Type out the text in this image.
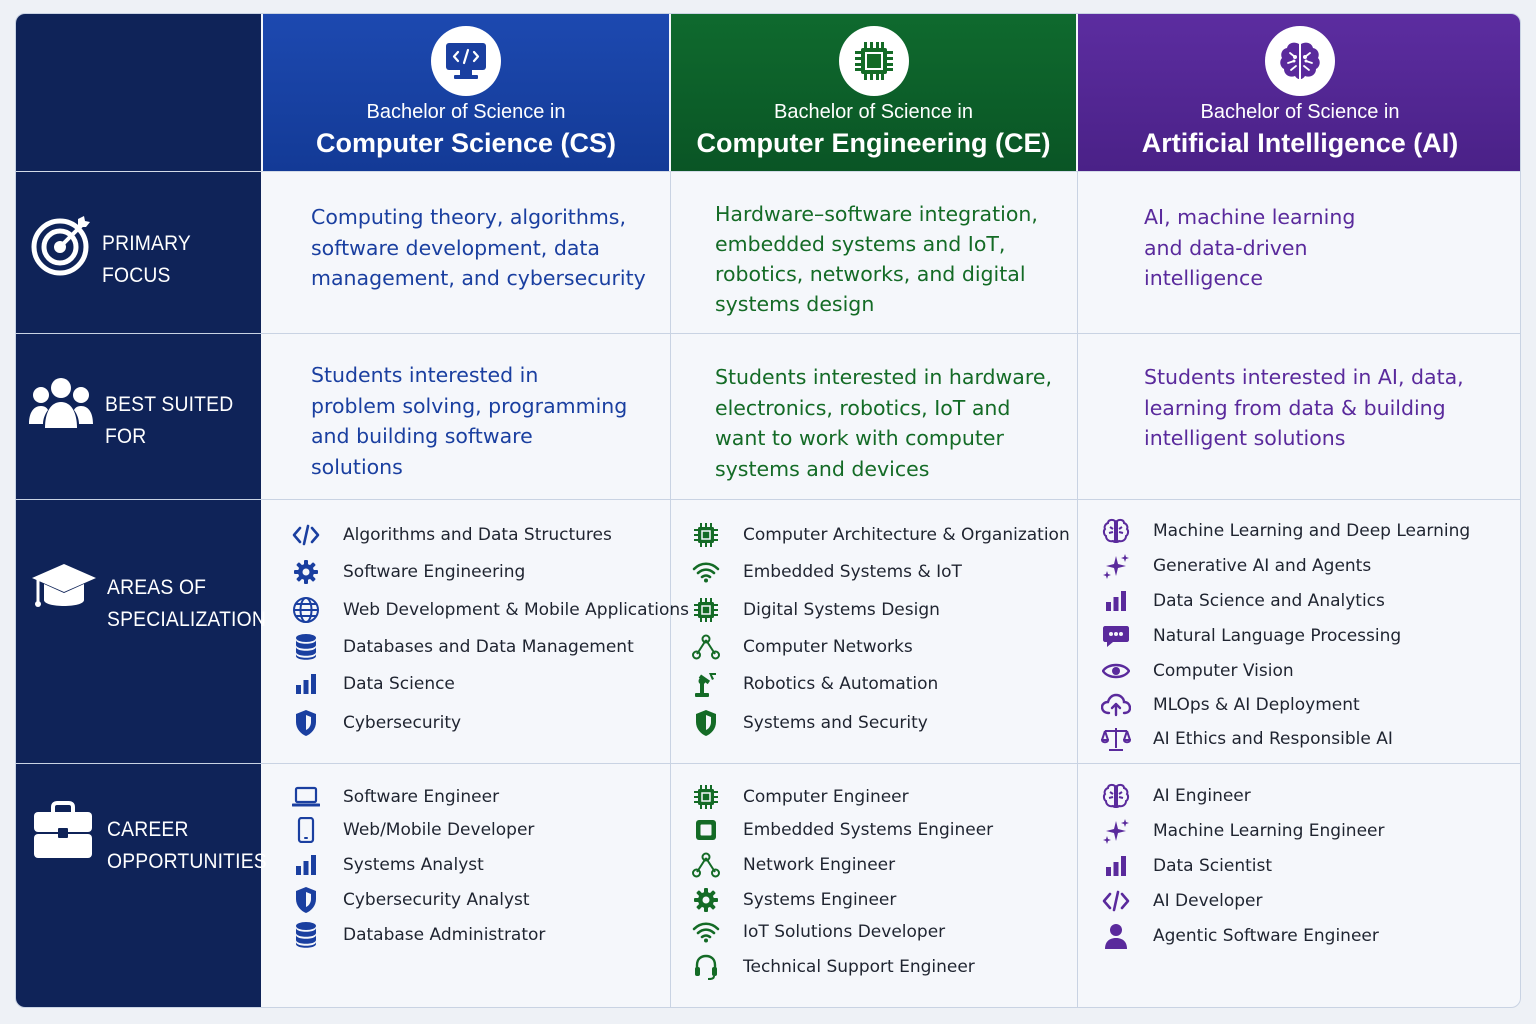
Bachelor of Science in
Computer Science (CS)
Bachelor of Science in
Computer Engineering (CE)
Bachelor of Science in
Artificial Intelligence (AI)
PRIMARY FOCUS
BEST SUITED FOR
AREAS OF
SPECIALIZATION
CAREER
OPPORTUNITIES
Computing theory, algorithms,
software development, data
management, and cybersecurity
Hardware–software integration,
embedded systems and IoT,
robotics, networks, and digital
systems design
AI, machine learning
and data-driven
intelligence
Students interested in
problem solving, programming
and building software
solutions
Students interested in hardware,
electronics, robotics, IoT and
want to work with computer
systems and devices
Students interested in AI, data,
learning from data & building
intelligent solutions
Algorithms and Data Structures
Software Engineering
Web Development & Mobile Applications
Databases and Data Management
Data Science
Cybersecurity
Computer Architecture & Organization
Embedded Systems & IoT
Digital Systems Design
Computer Networks
Robotics & Automation
Systems and Security
Machine Learning and Deep Learning
Generative AI and Agents
Data Science and Analytics
Natural Language Processing
Computer Vision
MLOps & AI Deployment
AI Ethics and Responsible AI
Software Engineer
Web/Mobile Developer
Systems Analyst
Cybersecurity Analyst
Database Administrator
Computer Engineer
Embedded Systems Engineer
Network Engineer
Systems Engineer
IoT Solutions Developer
Technical Support Engineer
AI Engineer
Machine Learning Engineer
Data Scientist
AI Developer
Agentic Software Engineer
